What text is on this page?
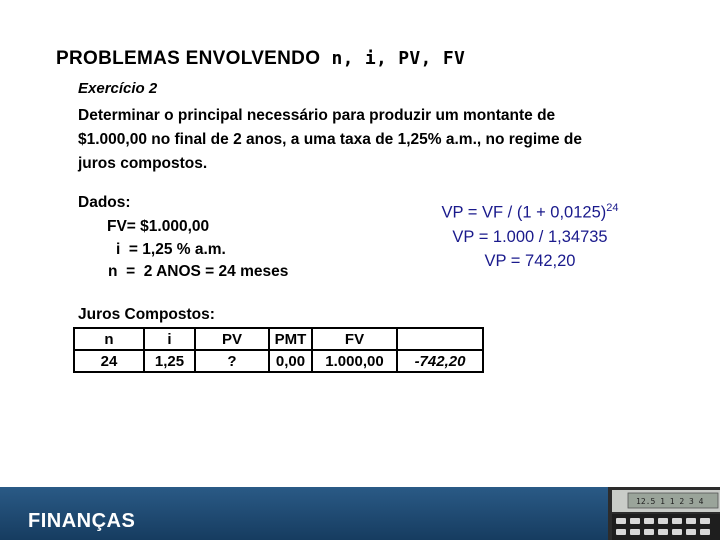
PROBLEMAS ENVOLVENDO n, i, PV, FV
Exercício 2
Determinar o principal necessário para produzir um montante de $1.000,00 no final de 2 anos, a uma taxa de 1,25% a.m., no regime de juros compostos.
Dados:
FV= $1.000,00
i  = 1,25 % a.m.
n  =  2 ANOS = 24 meses
VP = VF / $(1 + 0,0125)^{24}$
VP = 1.000 / 1,34735
VP = 742,20
Juros Compostos:
n	i	PV	PMT	FV	
24	1,25	?	0,00	1.000,00	-742,20
FINANÇAS
12.5 1 1 2 3 4
